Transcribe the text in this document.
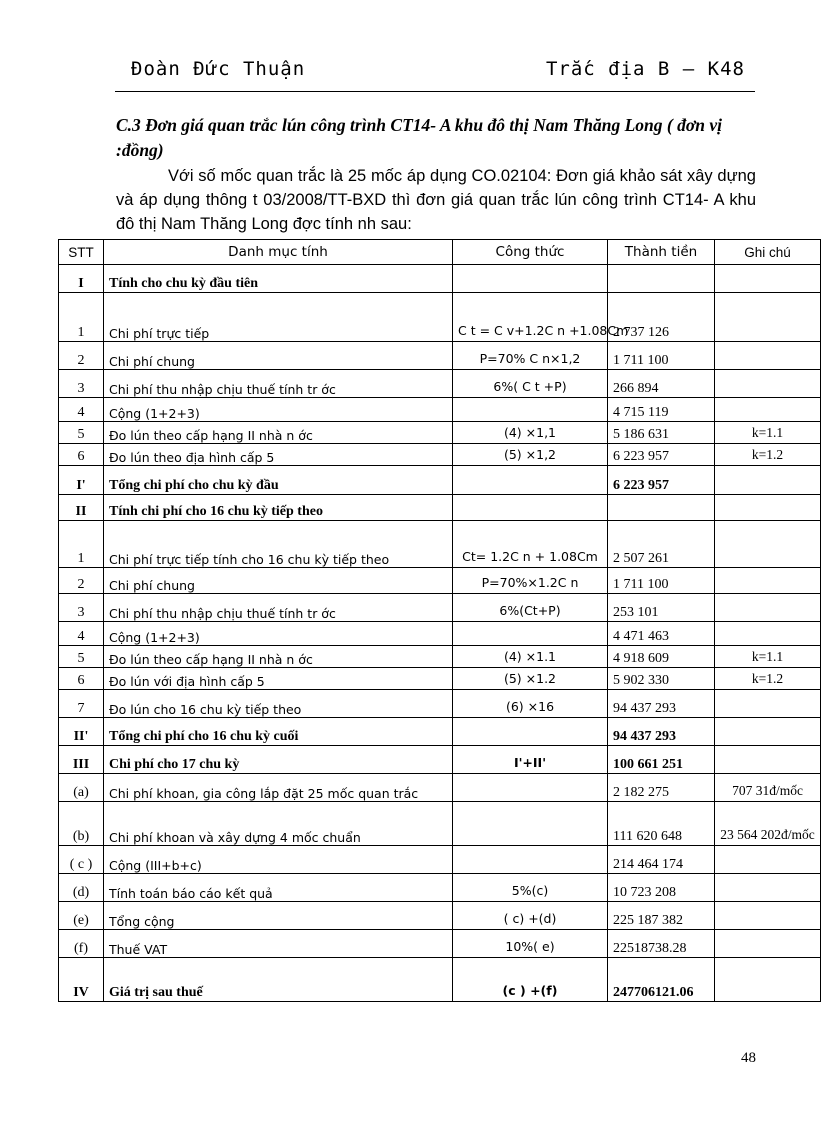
Đoàn Đức Thuận	Trắc địa B – K48
C.3 Đơn giá quan trắc lún công trình CT14- A khu đô thị Nam Thăng Long ( đơn vị :đồng)
Với số mốc quan trắc là 25 mốc áp dụng CO.02104: Đơn giá khảo sát xây dựng và áp dụng thông t 03/2008/TT-BXD thì đơn giá quan trắc lún công trình CT14- A khu đô thị Nam Thăng Long đợc tính nh sau:
STT	Danh mục tính	Công thức	Thành tiền	Ghi chú
I	Tính cho chu kỳ đầu tiên			
1	Chi phí trực tiếp	C t = C v+1.2C n +1.08Cm	2 737 126	
2	Chi phí chung	P=70% C n×1,2	1 711 100	
3	Chi phí thu nhập chịu thuế tính tr ớc	6%( C t +P)	266 894	
4	Cộng (1+2+3)		4 715 119	
5	Đo lún theo cấp hạng II nhà n ớc	(4) ×1,1	5 186 631	k=1.1
6	Đo lún theo địa hình cấp 5	(5) ×1,2	6 223 957	k=1.2
I'	Tổng chi phí cho chu kỳ đầu		6 223 957	
II	Tính chi phí cho 16 chu kỳ tiếp theo			
1	Chi phí trực tiếp tính cho 16 chu kỳ tiếp theo	Ct= 1.2C n + 1.08Cm	2 507 261	
2	Chi phí chung	P=70%×1.2C n	1 711 100	
3	Chi phí thu nhập chịu thuế tính tr ớc	6%(Ct+P)	253 101	
4	Cộng (1+2+3)		4 471 463	
5	Đo lún theo cấp hạng II nhà n ớc	(4) ×1.1	4 918 609	k=1.1
6	Đo lún với địa hình cấp 5	(5) ×1.2	5 902 330	k=1.2
7	Đo lún cho 16 chu kỳ tiếp theo	(6) ×16	94 437 293	
II'	Tổng chi phí cho 16 chu kỳ cuối		94 437 293	
III	Chi phí cho 17 chu kỳ	I'+II'	100 661 251	
(a)	Chi phí khoan, gia công lắp đặt 25 mốc quan trắc		2 182 275	707 31đ/mốc
(b)	Chi phí khoan và xây dựng 4 mốc chuẩn		111 620 648	23 564 202đ/mốc
( c )	Cộng (III+b+c)		214 464 174	
(d)	Tính toán báo cáo kết quả	5%(c)	10 723 208	
(e)	Tổng cộng	( c) +(d)	225 187 382	
(f)	Thuế VAT	10%( e)	22518738.28	
IV	Giá trị sau thuế	(c ) +(f)	247706121.06	
48
